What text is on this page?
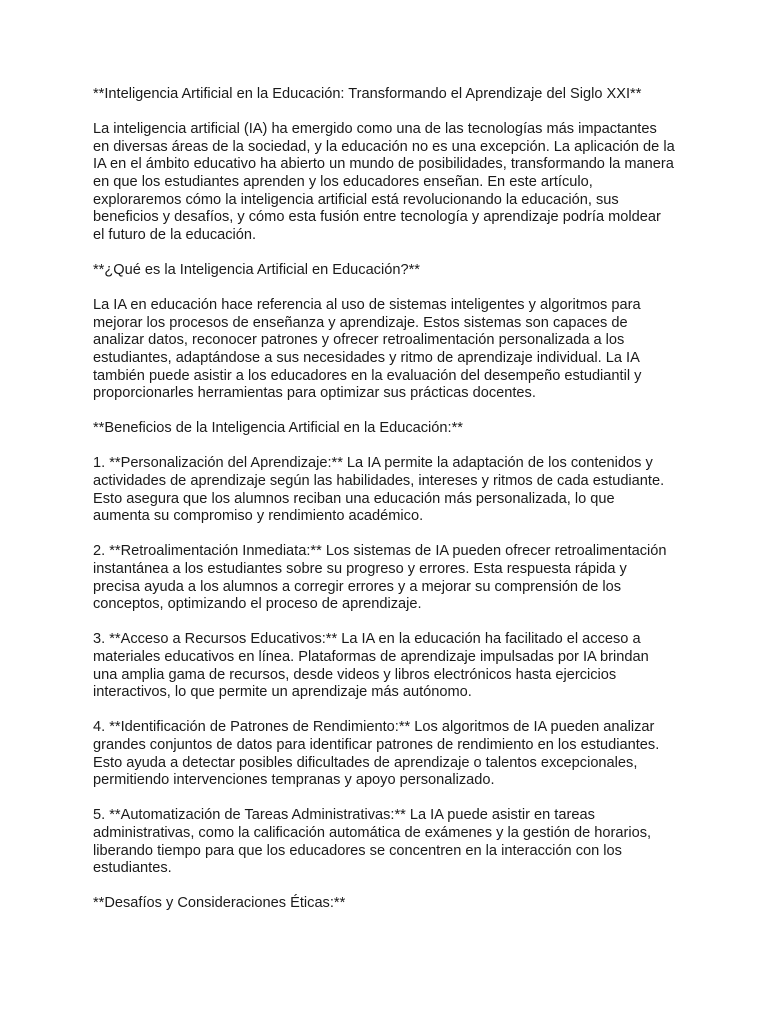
**Inteligencia Artificial en la Educación: Transformando el Aprendizaje del Siglo XXI**

La inteligencia artificial (IA) ha emergido como una de las tecnologías más impactantes en diversas áreas de la sociedad, y la educación no es una excepción. La aplicación de la IA en el ámbito educativo ha abierto un mundo de posibilidades, transformando la manera en que los estudiantes aprenden y los educadores enseñan. En este artículo, exploraremos cómo la inteligencia artificial está revolucionando la educación, sus beneficios y desafíos, y cómo esta fusión entre tecnología y aprendizaje podría moldear el futuro de la educación.

**¿Qué es la Inteligencia Artificial en Educación?**

La IA en educación hace referencia al uso de sistemas inteligentes y algoritmos para mejorar los procesos de enseñanza y aprendizaje. Estos sistemas son capaces de analizar datos, reconocer patrones y ofrecer retroalimentación personalizada a los estudiantes, adaptándose a sus necesidades y ritmo de aprendizaje individual. La IA también puede asistir a los educadores en la evaluación del desempeño estudiantil y proporcionarles herramientas para optimizar sus prácticas docentes.

**Beneficios de la Inteligencia Artificial en la Educación:**

1. **Personalización del Aprendizaje:** La IA permite la adaptación de los contenidos y actividades de aprendizaje según las habilidades, intereses y ritmos de cada estudiante. Esto asegura que los alumnos reciban una educación más personalizada, lo que aumenta su compromiso y rendimiento académico.

2. **Retroalimentación Inmediata:** Los sistemas de IA pueden ofrecer retroalimentación instantánea a los estudiantes sobre su progreso y errores. Esta respuesta rápida y precisa ayuda a los alumnos a corregir errores y a mejorar su comprensión de los conceptos, optimizando el proceso de aprendizaje.

3. **Acceso a Recursos Educativos:** La IA en la educación ha facilitado el acceso a materiales educativos en línea. Plataformas de aprendizaje impulsadas por IA brindan una amplia gama de recursos, desde videos y libros electrónicos hasta ejercicios interactivos, lo que permite un aprendizaje más autónomo.

4. **Identificación de Patrones de Rendimiento:** Los algoritmos de IA pueden analizar grandes conjuntos de datos para identificar patrones de rendimiento en los estudiantes. Esto ayuda a detectar posibles dificultades de aprendizaje o talentos excepcionales, permitiendo intervenciones tempranas y apoyo personalizado.

5. **Automatización de Tareas Administrativas:** La IA puede asistir en tareas administrativas, como la calificación automática de exámenes y la gestión de horarios, liberando tiempo para que los educadores se concentren en la interacción con los estudiantes.

**Desafíos y Consideraciones Éticas:**
